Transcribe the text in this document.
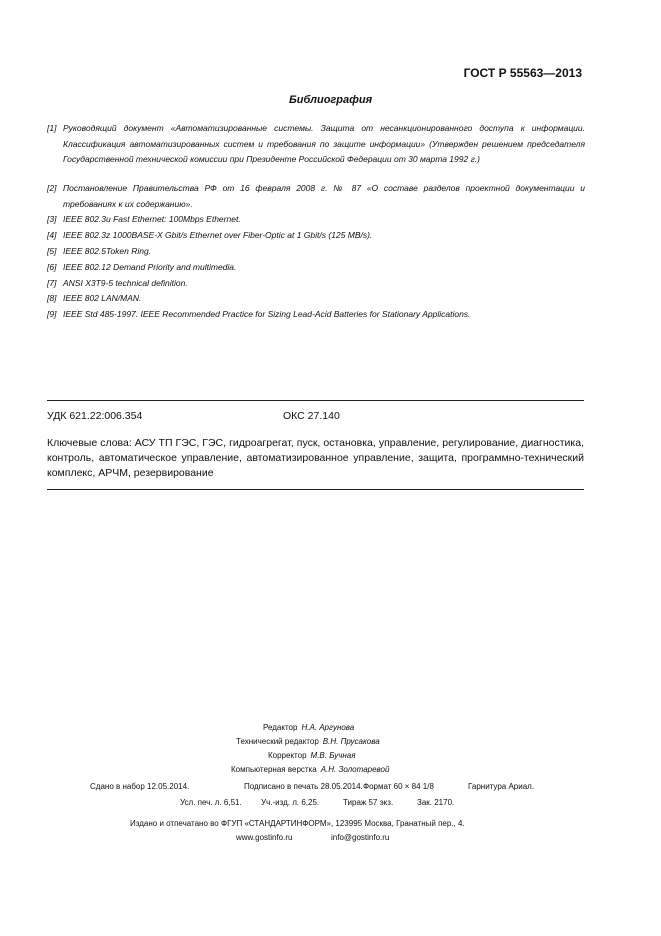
ГОСТ Р 55563—2013
Библиография
[1] Руководящий документ «Автоматизированные системы. Защита от несанкционированного доступа к информации. Классификация автоматизированных систем и требования по защите информации» (Утвержден решением председателя Государственной технической комиссии при Президенте Российской Федерации от 30 марта 1992 г.)
[2] Постановление Правительства РФ от 16 февраля 2008 г. № 87 «О составе разделов проектной документации и требованиях к их содержанию».
[3] IEEE 802.3u Fast Ethernet: 100Mbps Ethernet.
[4] IEEE 802.3z 1000BASE-X Gbit/s Ethernet over Fiber-Optic at 1 Gbit/s (125 MB/s).
[5] IEEE 802.5Token Ring.
[6] IEEE 802.12 Demand Priority and multimedia.
[7] ANSI X3T9-5 technical definition.
[8] IEEE 802 LAN/MAN.
[9] IEEE Std 485-1997. IEEE Recommended Practice for Sizing Lead-Acid Batteries for Stationary Applications.
УДК 621.22:006.354	ОКС 27.140
Ключевые слова: АСУ ТП ГЭС, ГЭС, гидроагрегат, пуск, остановка, управление, регулирование, диагностика, контроль, автоматическое управление, автоматизированное управление, защита, программно-технический комплекс, АРЧМ, резервирование
Редактор Н.А. Аргунова
Технический редактор В.Н. Прусакова
Корректор М.В. Бучная
Компьютерная верстка А.Н. Золотаревой
Сдано в набор 12.05.2014.	Подписано в печать 28.05.2014. Формат 60 × 84 1/8	Гарнитура Ариал.
Усл. печ. л. 6,51. Уч.-изд. л. 6,25.	Тираж 57 экз.	Зак. 2170.
Издано и отпечатано во ФГУП «СТАНДАРТИНФОРМ», 123995 Москва, Гранатный пер., 4.
www.gostinfo.ru	info@gostinfo.ru
